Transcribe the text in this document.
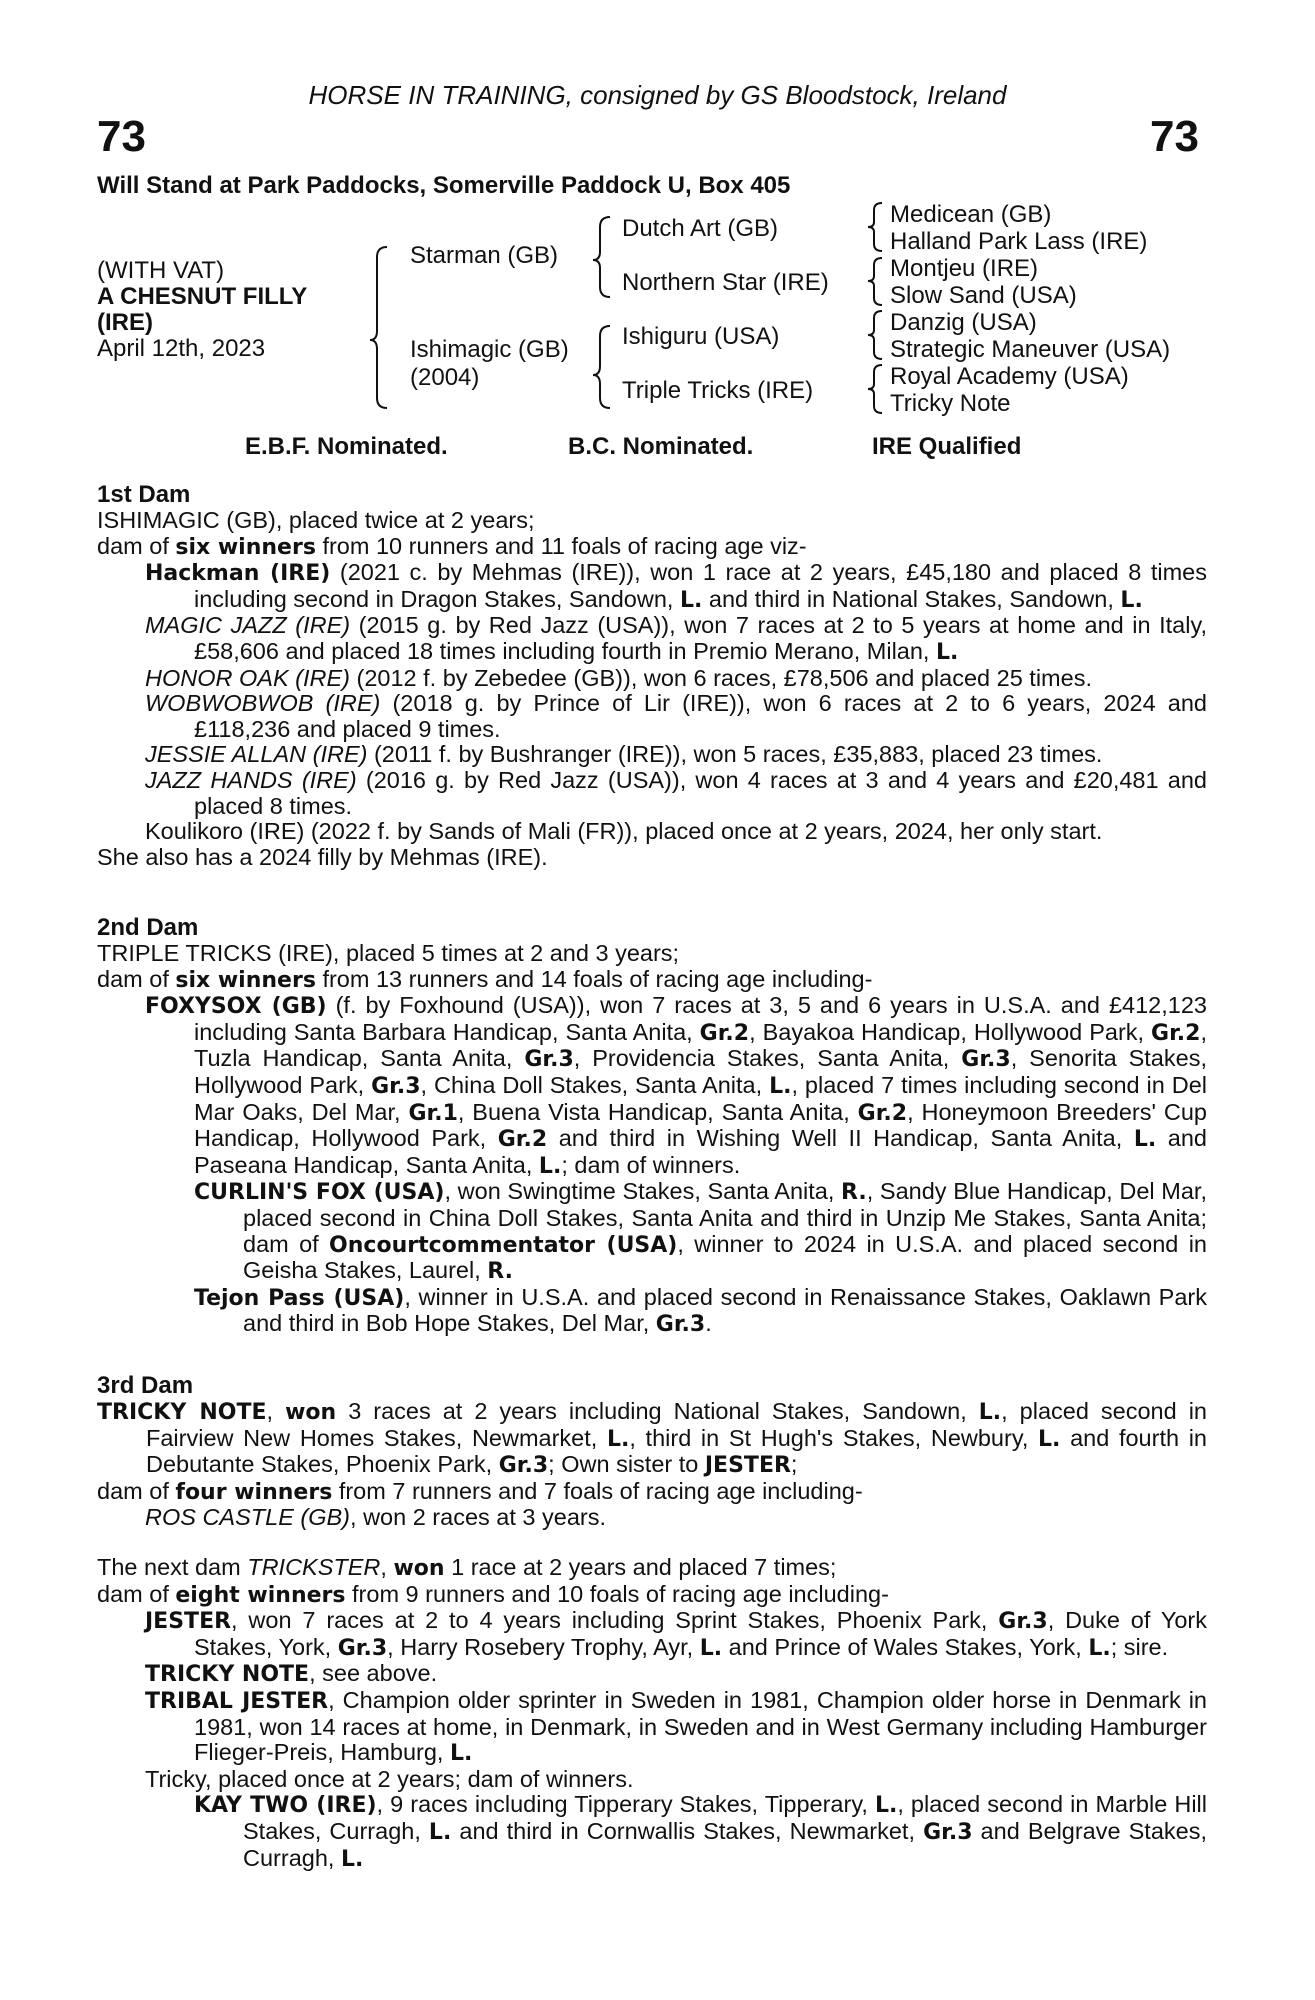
HORSE IN TRAINING, consigned by GS Bloodstock, Ireland
73	73
Will Stand at Park Paddocks, Somerville Paddock U, Box 405
(WITH VAT)
A CHESNUT FILLY
(IRE)
April 12th, 2023
Starman (GB)
Ishimagic (GB)
(2004)
Dutch Art (GB)
Northern Star (IRE)
Ishiguru (USA)
Triple Tricks (IRE)
Medicean (GB)
Halland Park Lass (IRE)
Montjeu (IRE)
Slow Sand (USA)
Danzig (USA)
Strategic Maneuver (USA)
Royal Academy (USA)
Tricky Note
E.B.F. Nominated.	B.C. Nominated.	IRE Qualified
1st Dam

ISHIMAGIC (GB), placed twice at 2 years;

dam of six winners from 10 runners and 11 foals of racing age viz-

Hackman (IRE) (2021 c. by Mehmas (IRE)), won 1 race at 2 years, £45,180 and placed 8 times including second in Dragon Stakes, Sandown, L. and third in National Stakes, Sandown, L.

MAGIC JAZZ (IRE) (2015 g. by Red Jazz (USA)), won 7 races at 2 to 5 years at home and in Italy, £58,606 and placed 18 times including fourth in Premio Merano, Milan, L.

HONOR OAK (IRE) (2012 f. by Zebedee (GB)), won 6 races, £78,506 and placed 25 times.

WOBWOBWOB (IRE) (2018 g. by Prince of Lir (IRE)), won 6 races at 2 to 6 years, 2024 and £118,236 and placed 9 times.

JESSIE ALLAN (IRE) (2011 f. by Bushranger (IRE)), won 5 races, £35,883, placed 23 times.

JAZZ HANDS (IRE) (2016 g. by Red Jazz (USA)), won 4 races at 3 and 4 years and £20,481 and placed 8 times.

Koulikoro (IRE) (2022 f. by Sands of Mali (FR)), placed once at 2 years, 2024, her only start.

She also has a 2024 filly by Mehmas (IRE).

2nd Dam

TRIPLE TRICKS (IRE), placed 5 times at 2 and 3 years;

dam of six winners from 13 runners and 14 foals of racing age including-

FOXYSOX (GB) (f. by Foxhound (USA)), won 7 races at 3, 5 and 6 years in U.S.A. and £412,123 including Santa Barbara Handicap, Santa Anita, Gr.2, Bayakoa Handicap, Hollywood Park, Gr.2, Tuzla Handicap, Santa Anita, Gr.3, Providencia Stakes, Santa Anita, Gr.3, Senorita Stakes, Hollywood Park, Gr.3, China Doll Stakes, Santa Anita, L., placed 7 times including second in Del Mar Oaks, Del Mar, Gr.1, Buena Vista Handicap, Santa Anita, Gr.2, Honeymoon Breeders' Cup Handicap, Hollywood Park, Gr.2 and third in Wishing Well II Handicap, Santa Anita, L. and Paseana Handicap, Santa Anita, L.; dam of winners.

CURLIN'S FOX (USA), won Swingtime Stakes, Santa Anita, R., Sandy Blue Handicap, Del Mar, placed second in China Doll Stakes, Santa Anita and third in Unzip Me Stakes, Santa Anita; dam of Oncourtcommentator (USA), winner to 2024 in U.S.A. and placed second in Geisha Stakes, Laurel, R.

Tejon Pass (USA), winner in U.S.A. and placed second in Renaissance Stakes, Oaklawn Park and third in Bob Hope Stakes, Del Mar, Gr.3.

3rd Dam

TRICKY NOTE, won 3 races at 2 years including National Stakes, Sandown, L., placed second in Fairview New Homes Stakes, Newmarket, L., third in St Hugh's Stakes, Newbury, L. and fourth in Debutante Stakes, Phoenix Park, Gr.3; Own sister to JESTER;

dam of four winners from 7 runners and 7 foals of racing age including-

ROS CASTLE (GB), won 2 races at 3 years.

The next dam TRICKSTER, won 1 race at 2 years and placed 7 times;

dam of eight winners from 9 runners and 10 foals of racing age including-

JESTER, won 7 races at 2 to 4 years including Sprint Stakes, Phoenix Park, Gr.3, Duke of York Stakes, York, Gr.3, Harry Rosebery Trophy, Ayr, L. and Prince of Wales Stakes, York, L.; sire.

TRICKY NOTE, see above.

TRIBAL JESTER, Champion older sprinter in Sweden in 1981, Champion older horse in Denmark in 1981, won 14 races at home, in Denmark, in Sweden and in West Germany including Hamburger Flieger-Preis, Hamburg, L.

Tricky, placed once at 2 years; dam of winners.

KAY TWO (IRE), 9 races including Tipperary Stakes, Tipperary, L., placed second in Marble Hill Stakes, Curragh, L. and third in Cornwallis Stakes, Newmarket, Gr.3 and Belgrave Stakes, Curragh, L.
